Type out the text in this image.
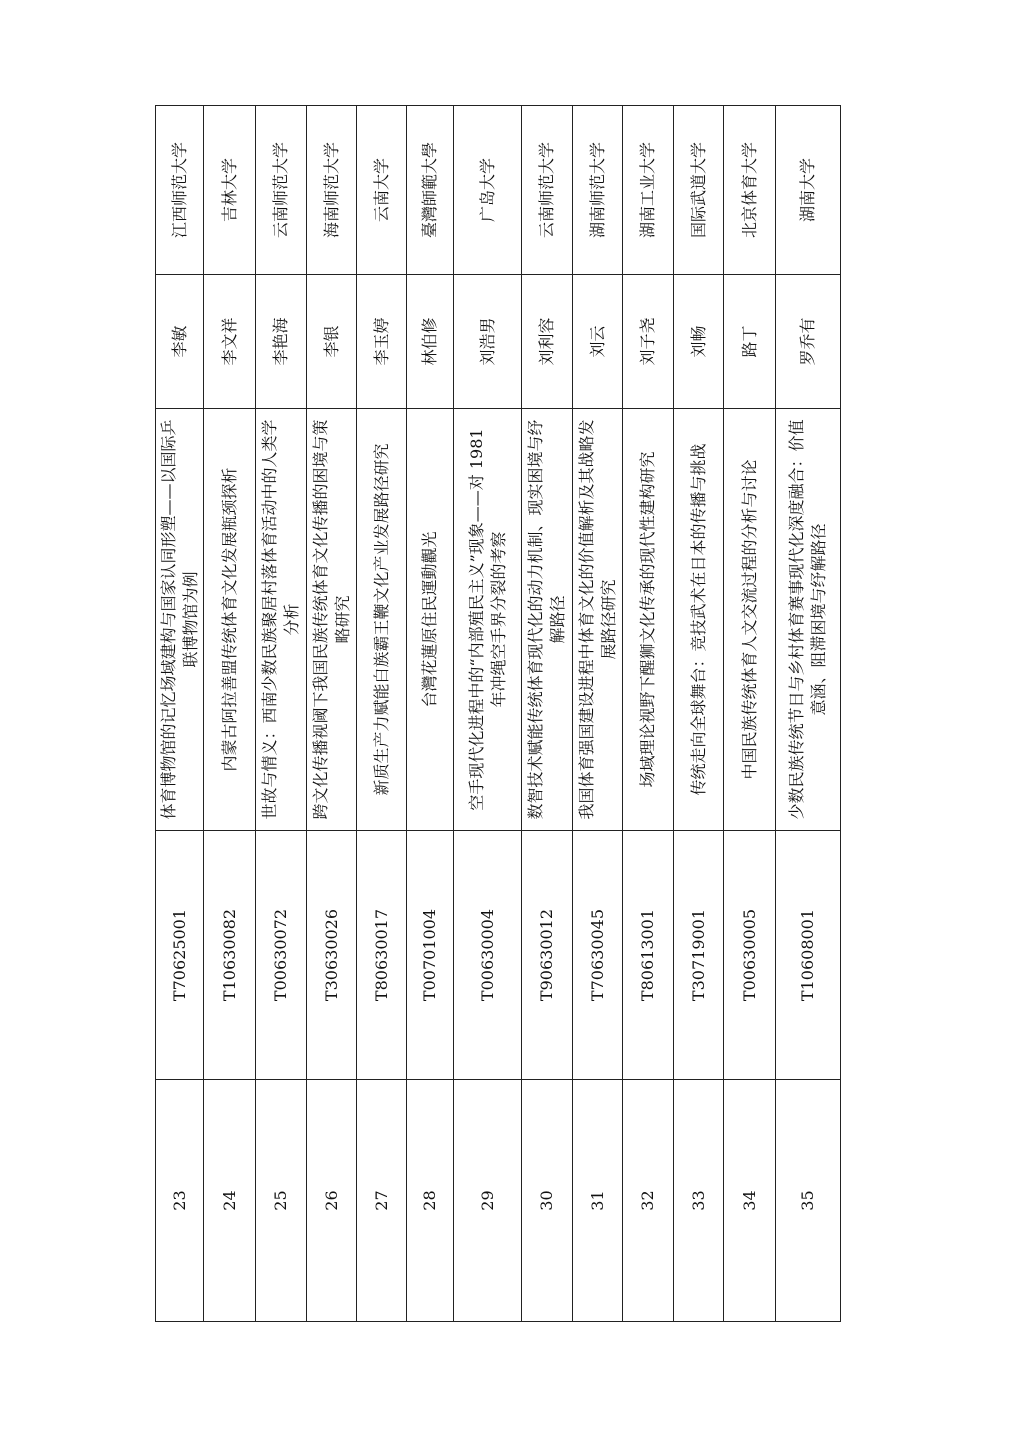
23	T70625001	体育博物馆的记忆场域建构与国家认同形塑——以国际乒联博物馆为例	李敏	江西师范大学
24	T10630082	内蒙古阿拉善盟传统体育文化发展瓶颈探析	李文祥	吉林大学
25	T00630072	世故与情义：西南少数民族聚居村落体育活动中的人类学分析	李艳海	云南师范大学
26	T30630026	跨文化传播视阈下我国民族传统体育文化传播的困境与策略研究	李银	海南师范大学
27	T80630017	新质生产力赋能白族霸王鞭文化产业发展路径研究	李玉婷	云南大学
28	T00701004	台灣花蓮原住民運動觀光	林伯修	臺灣師範大學
29	T00630004	空手现代化进程中的“内部殖民主义”现象——对 1981 年冲绳空手界分裂的考察	刘浩男	广岛大学
30	T90630012	数智技术赋能传统体育现代化的动力机制、现实困境与纾解路径	刘利容	云南师范大学
31	T70630045	我国体育强国建设进程中体育文化的价值解析及其战略发展路径研究	刘云	湖南师范大学
32	T80613001	场域理论视野下醒狮文化传承的现代性建构研究	刘子尧	湖南工业大学
33	T30719001	传统走向全球舞台：竞技武术在日本的传播与挑战	刘畅	国际武道大学
34	T00630005	中国民族传统体育人文交流过程的分析与讨论	路丁	北京体育大学
35	T10608001	少数民族传统节日与乡村体育赛事现代化深度融合：价值意涵、阻滞困境与纾解路径	罗乔有	湖南大学
